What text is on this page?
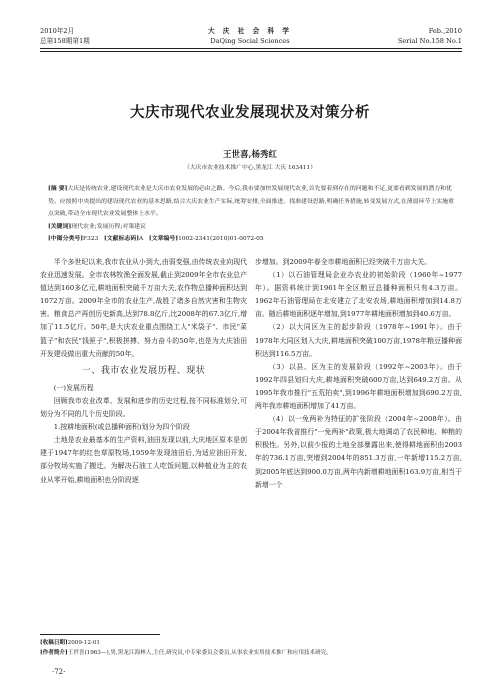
2010年2月
总第158期第1期
大 庆 社 会 科 学
DaQing Social Sciences
Feb.,2010
Serial No.158 No.1
大庆市现代农业发展现状及对策分析
王世喜,杨秀红
（大庆市农业技术推广中心,黑龙江 大庆 163411）
[摘 要]大庆是传统农业,建设现代农业是大庆市农业发展的必由之路。今后,我市要加快发展现代农业,首先要着到存在的问题和不足,更要看到发展的潜力和优势。应按照中央提出的建设现代农业的基本思路,结合大庆农业生产实际,统筹安排,全面推进。找准建设思路,明确任务措施,转变发展方式,在薄弱环节上实施重点突破,带动全市现代农业发展整体上水平。
[关键词]现代农业;发展历程;对策建议
[中图分类号]F323 [文献标志码]A [文章编号]1002-2341(2010)01-0072-05

半个多世纪以来,我市农业从小到大,由弱变强,由传统农业向现代农业迅速发展。全市农林牧渔全面发展,截止到2009年全市农业总产值达到160多亿元,耕地面积突破千万亩大关,农作物总播种面积达到1072万亩。2009年全市的农业生产,战胜了诸多自然灾害和生物灾害。粮食总产再创历史新高,达到78.8亿斤,比2008年的67.3亿斤,增加了11.5亿斤。50年,是大庆农业重点围绕工人"米袋子"、市民"菜篮子"和农民"钱匣子",积极拼搏、努力奋斗的50年,也是为大庆油田开发建设做出重大贡献的50年。

一、我市农业发展历程、现状

(一)发展历程

回顾我市农业改革、发展和进步的历史过程,按不同标准划分,可划分为不同的几个历史阶段。

1.按耕地面积(或总播种面积)划分为四个阶段

土地是农业最基本的生产资料,油田发现以前,大庆地区原本是创建于1947年的红色草原牧场,1959年发现油田后,为适应油田开发,部分牧场实施了搬迁。为解决石油工人吃饭问题,以种植业为主的农业从零开始,耕地面积也分阶段逐

步增加。到2009年春全市耕地面积已经突破千万亩大关。

（1）以石油管理局企业办农业的初始阶段（1960年~1977年）。据资料统计到1961年全区粮豆总播种面积只有4.3万亩。1962年石油管理局在北安建立了北安农场,耕地面积增加到14.8万亩。随后耕地面积逐年增加,到1977年耕地面积增加到40.6万亩。

（2）以大同区为主的起步阶段（1978年~1991年）。由于1978年大同区划入大庆,耕地面积突破100万亩,1978年粮豆播种面积达到116.5万亩。

（3）以县、区为主的发展阶段（1992年~2003年）。由于1992年四县划归大庆,耕地面积突破600万亩,达到649.2万亩。从1995年我市推行"五荒拍卖",到1996年耕地面积增加到690.2万亩,两年我市耕地面积增加了41万亩。

（4）以一免两补为特征的扩张阶段（2004年~2008年）。由于2004年我省推行"一免两补"政策,极大地调动了农民种地、种粮的积极性。另外,以前少报的土地全部暴露出来,使得耕地面积由2003年的736.1万亩,突增到2004年的851.3万亩,一年新增115.2万亩,到2005年底达到900.0万亩,两年内新增耕地面积163.9万亩,相当于新增一个

[收稿日期]2009-12-01
[作者简介]王世喜(1963—),男,黑龙江海林人,主任,研究员,中专家委员会委员,从事农业实用技术推广和应用技术研究。
·72·
